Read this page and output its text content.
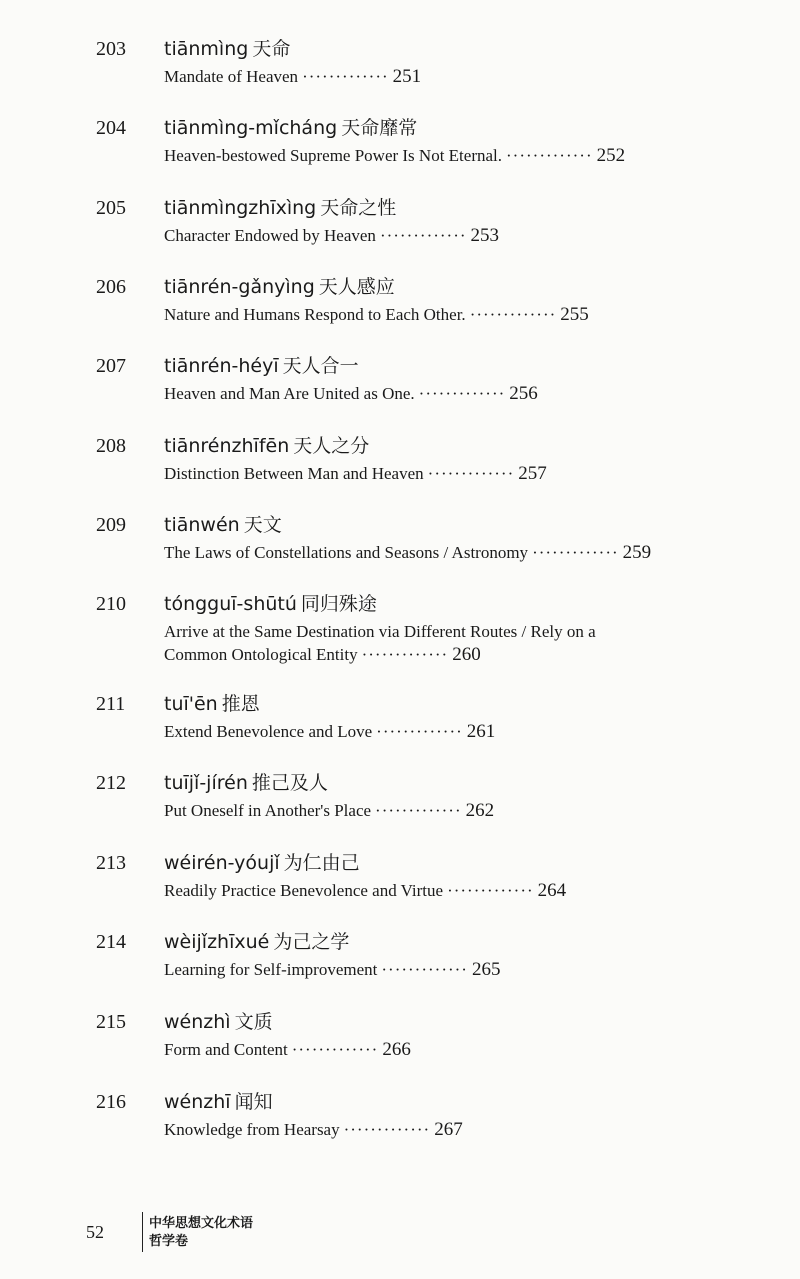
203	tiānmìng 天命
Mandate of Heaven ············· 251
204	tiānmìng-mǐcháng 天命靡常
Heaven-bestowed Supreme Power Is Not Eternal. ············· 252
205	tiānmìngzhīxìng 天命之性
Character Endowed by Heaven ············· 253
206	tiānrén-gǎnyìng 天人感应
Nature and Humans Respond to Each Other. ············· 255
207	tiānrén-héyī 天人合一
Heaven and Man Are United as One. ············· 256
208	tiānrénzhīfēn 天人之分
Distinction Between Man and Heaven ············· 257
209	tiānwén 天文
The Laws of Constellations and Seasons / Astronomy ············· 259
210	tóngguī-shūtú 同归殊途
Arrive at the Same Destination via Different Routes / Rely on a
Common Ontological Entity ············· 260
211	tuī'ēn 推恩
Extend Benevolence and Love ············· 261
212	tuījǐ-jírén 推己及人
Put Oneself in Another's Place ············· 262
213	wéirén-yóujǐ 为仁由己
Readily Practice Benevolence and Virtue ············· 264
214	wèijǐzhīxué 为己之学
Learning for Self-improvement ············· 265
215	wénzhì 文质
Form and Content ············· 266
216	wénzhī 闻知
Knowledge from Hearsay ············· 267
52	中华思想文化术语
哲学卷
